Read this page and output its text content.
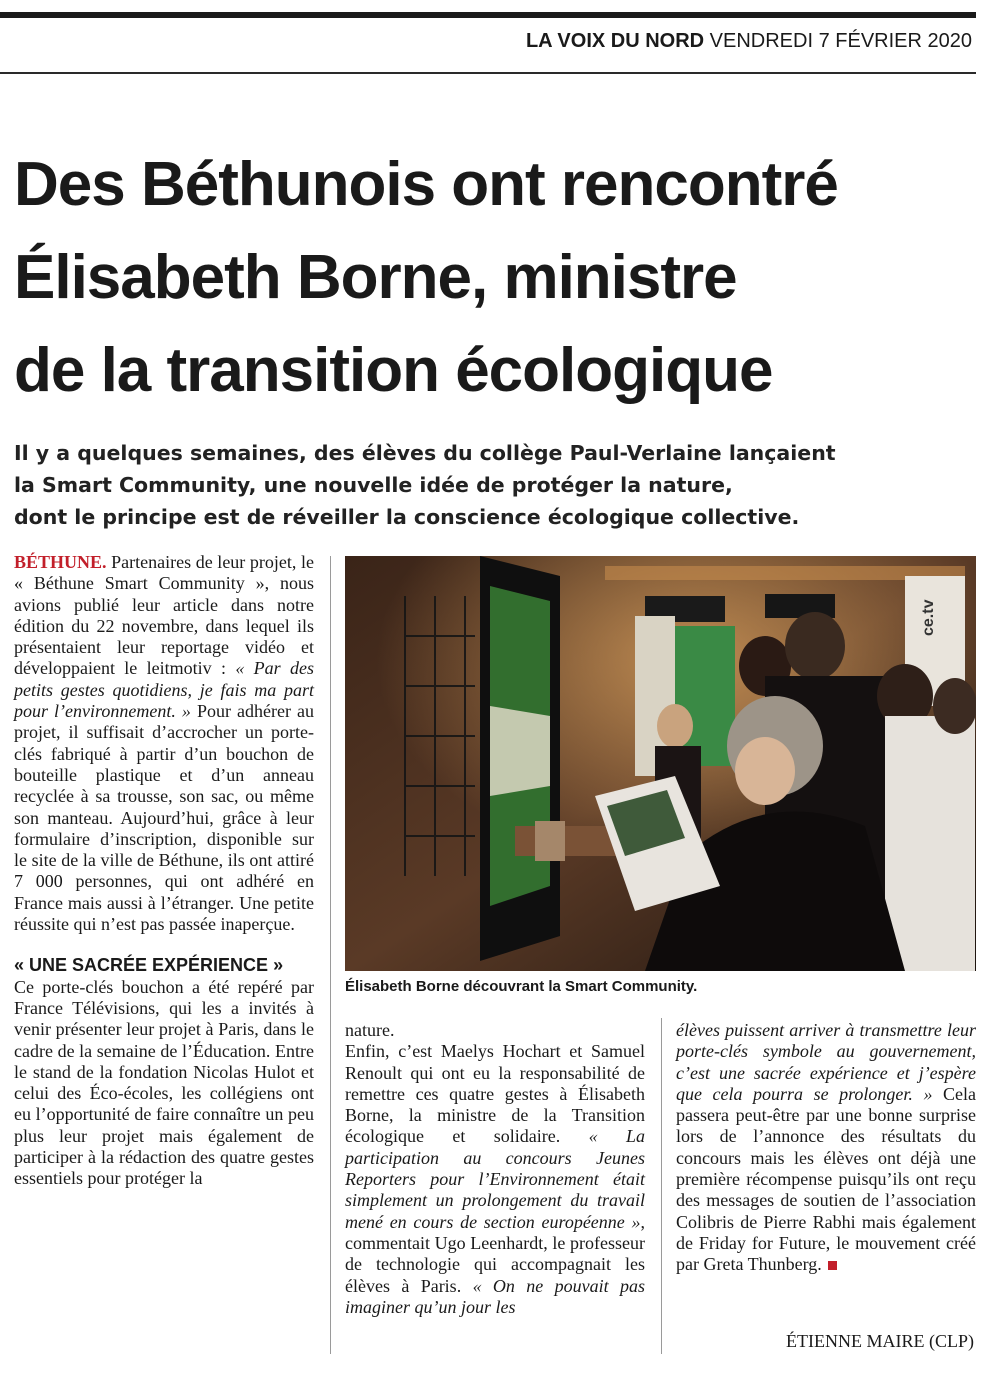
LA VOIX DU NORD VENDREDI 7 FÉVRIER 2020
Des Béthunois ont rencontré
Élisabeth Borne, ministre
de la transition écologique
Il y a quelques semaines, des élèves du collège Paul-Verlaine lançaient
la Smart Community, une nouvelle idée de protéger la nature,
dont le principe est de réveiller la conscience écologique collective.

BÉTHUNE. Partenaires de leur projet, le « Béthune Smart Community », nous avions publié leur article dans notre édition du 22 novembre, dans lequel ils présentaient leur reportage vidéo et développaient le leitmotiv : « Par des petits gestes quotidiens, je fais ma part pour l’environnement. » Pour adhérer au projet, il suffisait d’accrocher un porte-clés fabriqué à partir d’un bouchon de bouteille plastique et d’un anneau recyclée à sa trousse, son sac, ou même son manteau. Aujourd’hui, grâce à leur formulaire d’inscription, disponible sur le site de la ville de Béthune, ils ont attiré 7 000 personnes, qui ont adhéré en France mais aussi à l’étranger. Une petite réussite qui n’est pas passée inaperçue.

« UNE SACRÉE EXPÉRIENCE »

Ce porte-clés bouchon a été repéré par France Télévisions, qui les a invités à venir présenter leur projet à Paris, dans le cadre de la semaine de l’Éducation. Entre le stand de la fondation Nicolas Hulot et celui des Éco-écoles, les collégiens ont eu l’opportunité de faire connaître un peu plus leur projet mais également de participer à la rédaction des quatre gestes essentiels pour protéger la

ce.tv
Élisabeth Borne découvrant la Smart Community.

nature.

Enfin, c’est Maelys Hochart et Samuel Renoult qui ont eu la responsabilité de remettre ces quatre gestes à Élisabeth Borne, la ministre de la Transition écologique et solidaire. « La participation au concours Jeunes Reporters pour l’Environnement était simplement un prolongement du travail mené en cours de section européenne », commentait Ugo Leenhardt, le professeur de technologie qui accompagnait les élèves à Paris. « On ne pouvait pas imaginer qu’un jour les

élèves puissent arriver à transmettre leur porte-clés symbole au gouvernement, c’est une sacrée expérience et j’espère que cela pourra se prolonger. » Cela passera peut-être par une bonne surprise lors de l’annonce des résultats du concours mais les élèves ont déjà une première récompense puisqu’ils ont reçu des messages de soutien de l’association Colibris de Pierre Rabhi mais également de Friday for Future, le mouvement créé par Greta Thunberg.

ÉTIENNE MAIRE (CLP)
